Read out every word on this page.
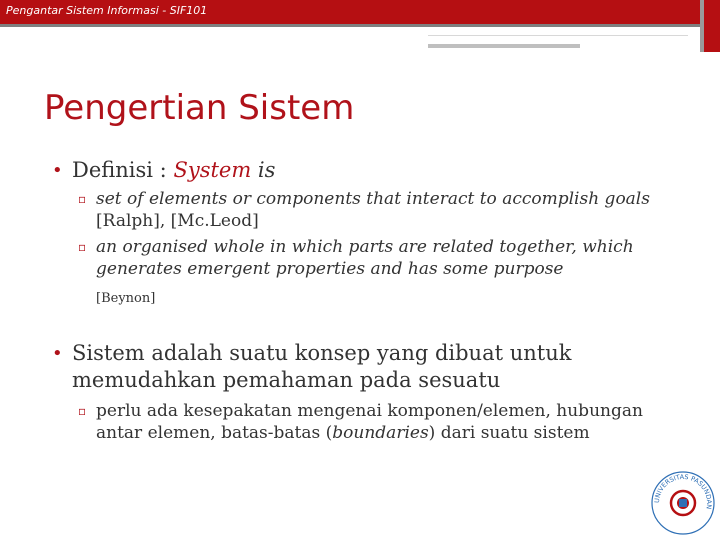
Pengantar Sistem Informasi - SIF101
Pengertian Sistem
• Definisi : System is
▫ set of elements or components that interact to accomplish goals [Ralph], [Mc.Leod]
▫ an organised whole in which parts are related together, which generates emergent properties and has some purpose
[Beynon]
• Sistem adalah suatu konsep yang dibuat untuk memudahkan pemahaman pada sesuatu
▫ perlu ada kesepakatan mengenai komponen/elemen, hubungan antar elemen, batas-batas (boundaries) dari suatu sistem
UNIVERSITAS PASUNDAN
